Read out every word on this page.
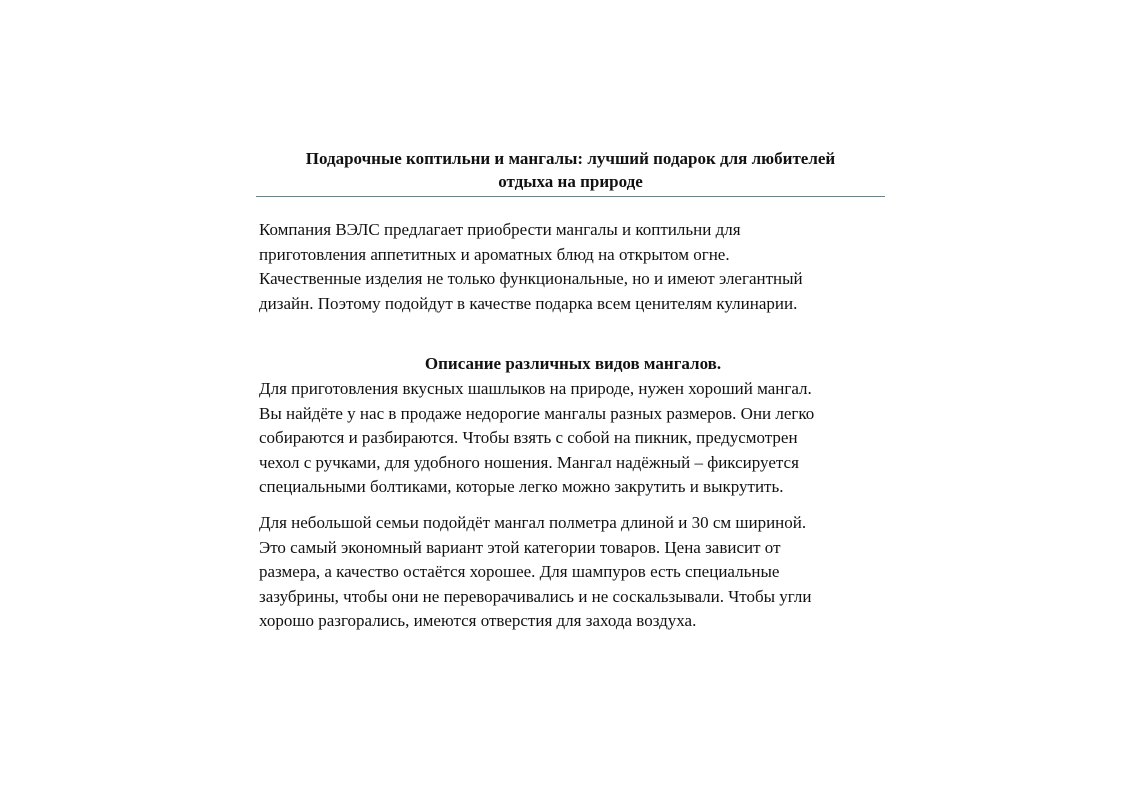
Подарочные коптильни и мангалы: лучший подарок для любителей
отдыха на природе

Компания ВЭЛС предлагает приобрести мангалы и коптильни для
приготовления аппетитных и ароматных блюд на открытом огне.
Качественные изделия не только функциональные, но и имеют элегантный
дизайн. Поэтому подойдут в качестве подарка всем ценителям кулинарии.

Описание различных видов мангалов.

Для приготовления вкусных шашлыков на природе, нужен хороший мангал.
Вы найдёте у нас в продаже недорогие мангалы разных размеров. Они легко
собираются и разбираются. Чтобы взять с собой на пикник, предусмотрен
чехол с ручками, для удобного ношения. Мангал надёжный – фиксируется
специальными болтиками, которые легко можно закрутить и выкрутить.

Для небольшой семьи подойдёт мангал полметра длиной и 30 см шириной.
Это самый экономный вариант этой категории товаров. Цена зависит от
размера, а качество остаётся хорошее. Для шампуров есть специальные
зазубрины, чтобы они не переворачивались и не соскальзывали. Чтобы угли
хорошо разгорались, имеются отверстия для захода воздуха.
